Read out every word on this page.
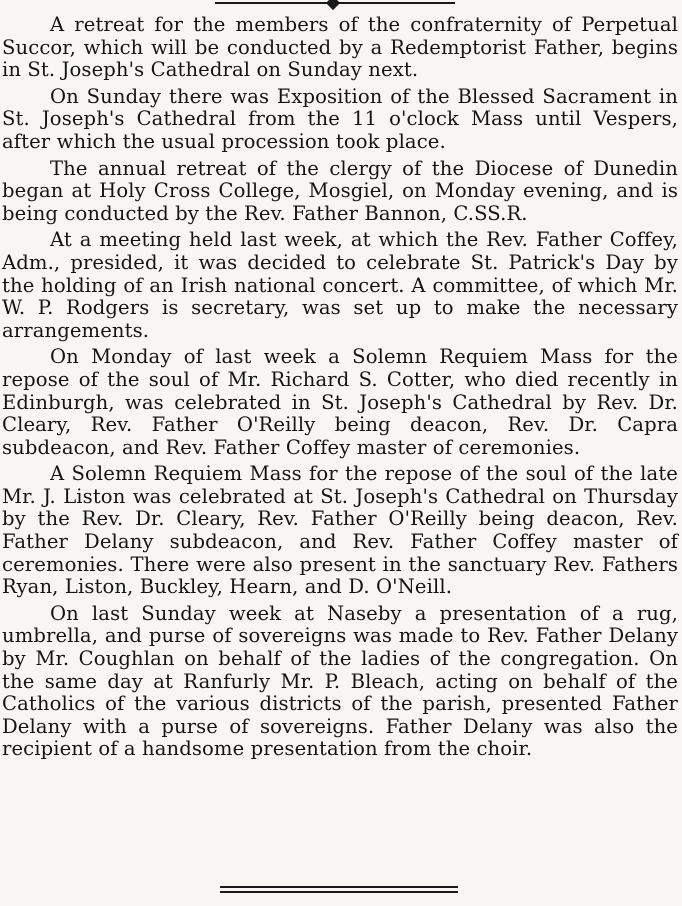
A retreat for the members of the confraternity of Perpetual Succor, which will be conducted by a Redemptorist Father, begins in St. Joseph's Cathedral on Sunday next.

On Sunday there was Exposition of the Blessed Sacrament in St. Joseph's Cathedral from the 11 o'clock Mass until Vespers, after which the usual procession took place.

The annual retreat of the clergy of the Diocese of Dunedin began at Holy Cross College, Mosgiel, on Monday evening, and is being conducted by the Rev. Father Bannon, C.SS.R.

At a meeting held last week, at which the Rev. Father Coffey, Adm., presided, it was decided to celebrate St. Patrick's Day by the holding of an Irish national concert. A committee, of which Mr. W. P. Rodgers is secretary, was set up to make the necessary arrangements.

On Monday of last week a Solemn Requiem Mass for the repose of the soul of Mr. Richard S. Cotter, who died recently in Edinburgh, was celebrated in St. Joseph's Cathedral by Rev. Dr. Cleary, Rev. Father O'Reilly being deacon, Rev. Dr. Capra subdeacon, and Rev. Father Coffey master of ceremonies.

A Solemn Requiem Mass for the repose of the soul of the late Mr. J. Liston was celebrated at St. Joseph's Cathedral on Thursday by the Rev. Dr. Cleary, Rev. Father O'Reilly being deacon, Rev. Father Delany subdeacon, and Rev. Father Coffey master of ceremonies. There were also present in the sanctuary Rev. Fathers Ryan, Liston, Buckley, Hearn, and D. O'Neill.

On last Sunday week at Naseby a presentation of a rug, umbrella, and purse of sovereigns was made to Rev. Father Delany by Mr. Coughlan on behalf of the ladies of the congregation. On the same day at Ranfurly Mr. P. Bleach, acting on behalf of the Catholics of the various districts of the parish, presented Father Delany with a purse of sovereigns. Father Delany was also the recipient of a handsome presentation from the choir.
